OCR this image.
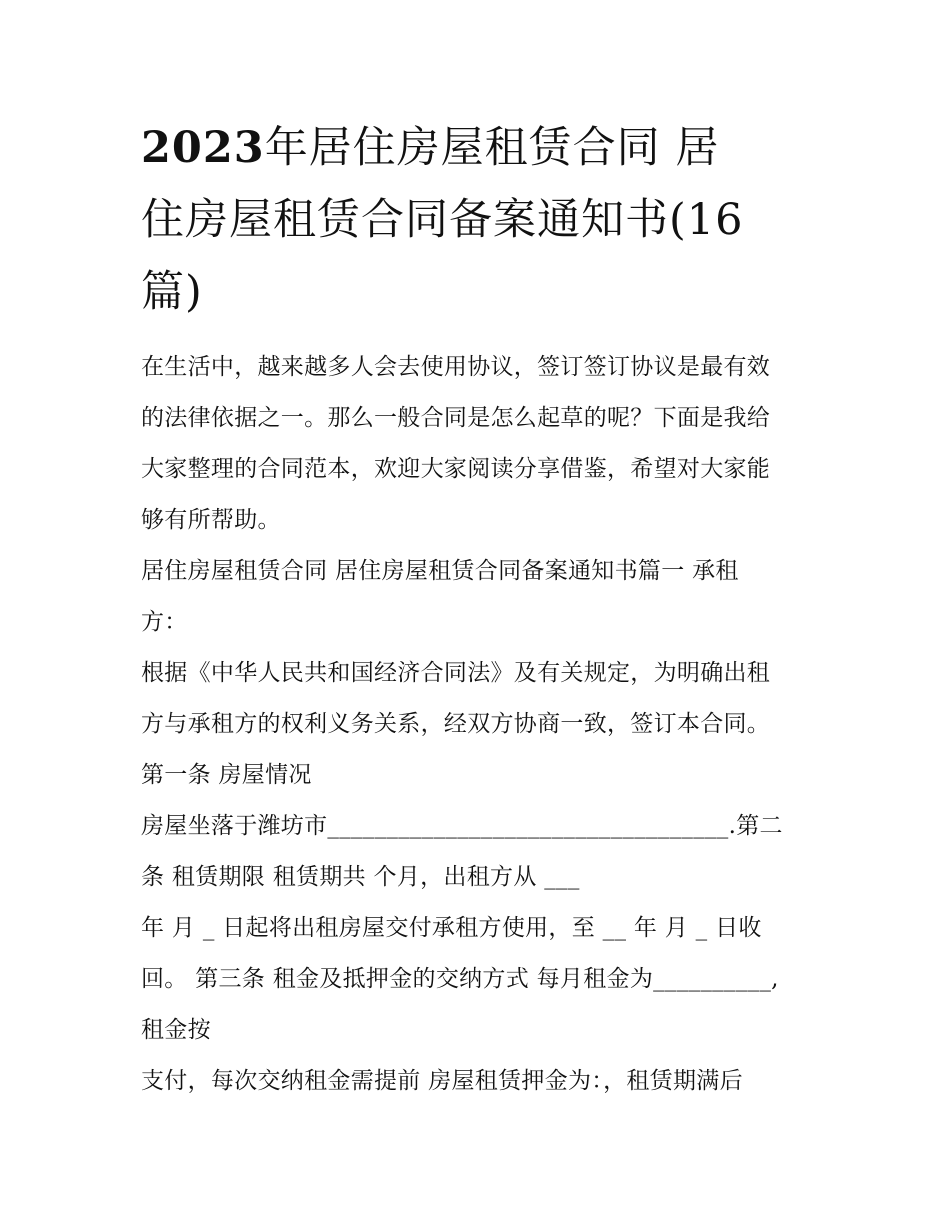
2023年居住房屋租赁合同 居
住房屋租赁合同备案通知书(16
篇)
在生活中，越来越多人会去使用协议，签订签订协议是最有效
的法律依据之一。那么一般合同是怎么起草的呢？下面是我给
大家整理的合同范本，欢迎大家阅读分享借鉴，希望对大家能
够有所帮助。
居住房屋租赁合同 居住房屋租赁合同备案通知书篇一 承租
方：
根据《中华人民共和国经济合同法》及有关规定，为明确出租
方与承租方的权利义务关系，经双方协商一致，签订本合同。
第一条 房屋情况
房屋坐落于潍坊市__________________________________.第二
条 租赁期限 租赁期共 个月，出租方从 ___
年 月 _ 日起将出租房屋交付承租方使用，至 __ 年 月 _ 日收
回。 第三条 租金及抵押金的交纳方式 每月租金为__________,
租金按
支付，每次交纳租金需提前 房屋租赁押金为：，租赁期满后
